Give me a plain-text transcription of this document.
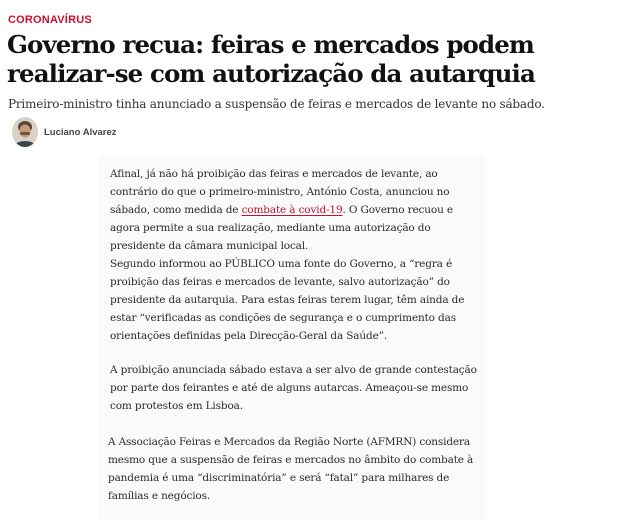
CORONAVÍRUS
Governo recua: feiras e mercados podem realizar-se com autorização da autarquia

Primeiro-ministro tinha anunciado a suspensão de feiras e mercados de levante no sábado.

Luciano Alvarez

Afinal, já não há proibição das feiras e mercados de levante, ao contrário do que o primeiro-ministro, António Costa, anunciou no sábado, como medida de combate à covid-19. O Governo recuou e agora permite a sua realização, mediante uma autorização do presidente da câmara municipal local.

Segundo informou ao PÚBLICO uma fonte do Governo, a “regra é proibição das feiras e mercados de levante, salvo autorização” do presidente da autarquia. Para estas feiras terem lugar, têm ainda de estar “verificadas as condições de segurança e o cumprimento das orientações definidas pela Direcção-Geral da Saúde”.

A proibição anunciada sábado estava a ser alvo de grande contestação por parte dos feirantes e até de alguns autarcas. Ameaçou-se mesmo com protestos em Lisboa.

A Associação Feiras e Mercados da Região Norte (AFMRN) considera mesmo que a suspensão de feiras e mercados no âmbito do combate à pandemia é uma “discriminatória” e será “fatal” para milhares de famílias e negócios.
